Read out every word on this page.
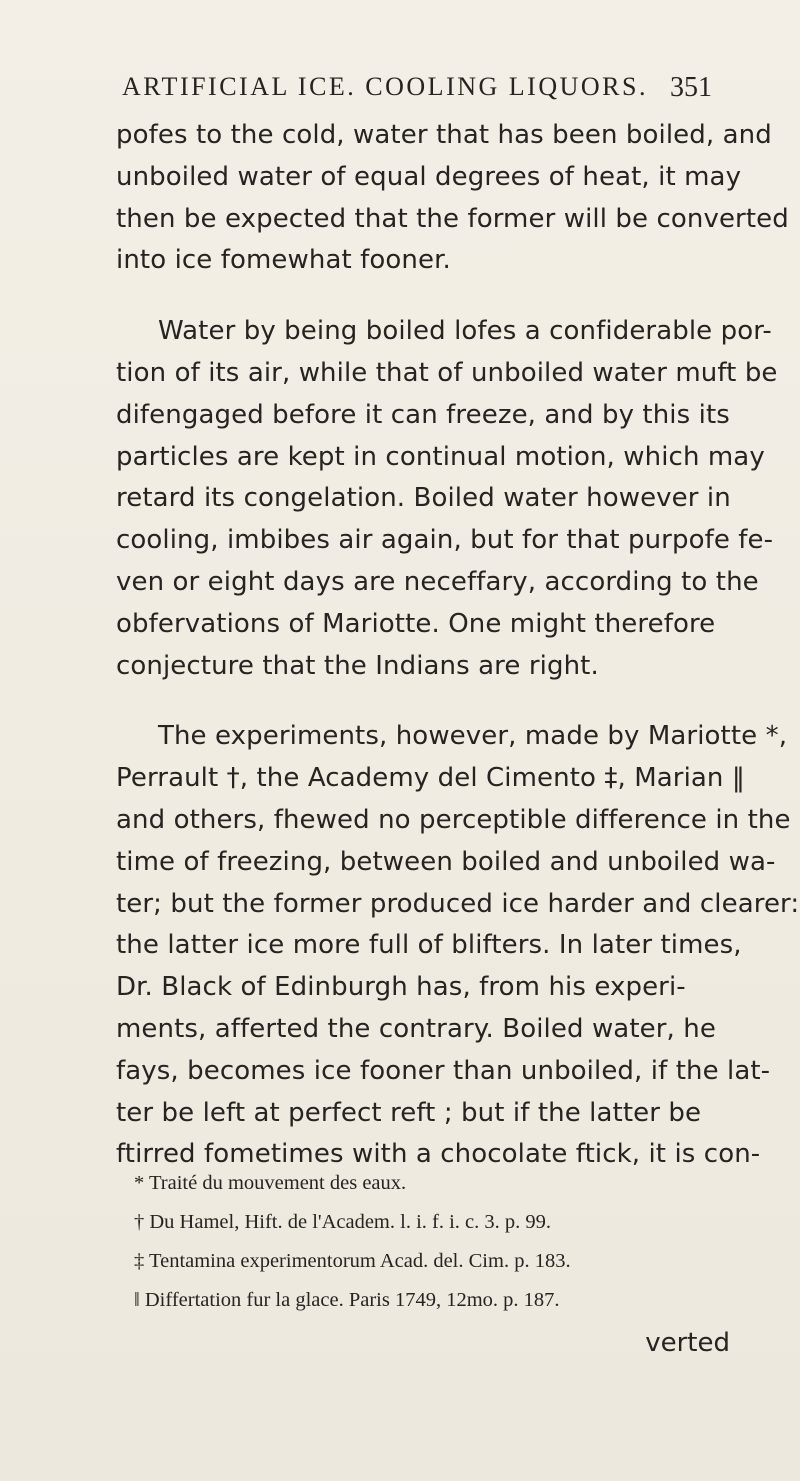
ARTIFICIAL ICE. COOLING LIQUORS. 351
pofes to the cold, water that has been boiled, and
unboiled water of equal degrees of heat, it may
then be expected that the former will be converted
into ice fomewhat fooner.
Water by being boiled lofes a confiderable por-
tion of its air, while that of unboiled water muft be
difengaged before it can freeze, and by this its
particles are kept in continual motion, which may
retard its congelation. Boiled water however in
cooling, imbibes air again, but for that purpofe fe-
ven or eight days are neceffary, according to the
obfervations of Mariotte. One might therefore
conjecture that the Indians are right.
The experiments, however, made by Mariotte *,
Perrault †, the Academy del Cimento ‡, Marian ‖
and others, fhewed no perceptible difference in the
time of freezing, between boiled and unboiled wa-
ter; but the former produced ice harder and clearer:
the latter ice more full of blifters. In later times,
Dr. Black of Edinburgh has, from his experi-
ments, afferted the contrary. Boiled water, he
fays, becomes ice fooner than unboiled, if the lat-
ter be left at perfect reft ; but if the latter be
ftirred fometimes with a chocolate ftick, it is con-
* Traité du mouvement des eaux.
† Du Hamel, Hift. de l'Academ. l. i. f. i. c. 3. p. 99.
‡ Tentamina experimentorum Acad. del. Cim. p. 183.
‖ Differtation fur la glace. Paris 1749, 12mo. p. 187.
verted
